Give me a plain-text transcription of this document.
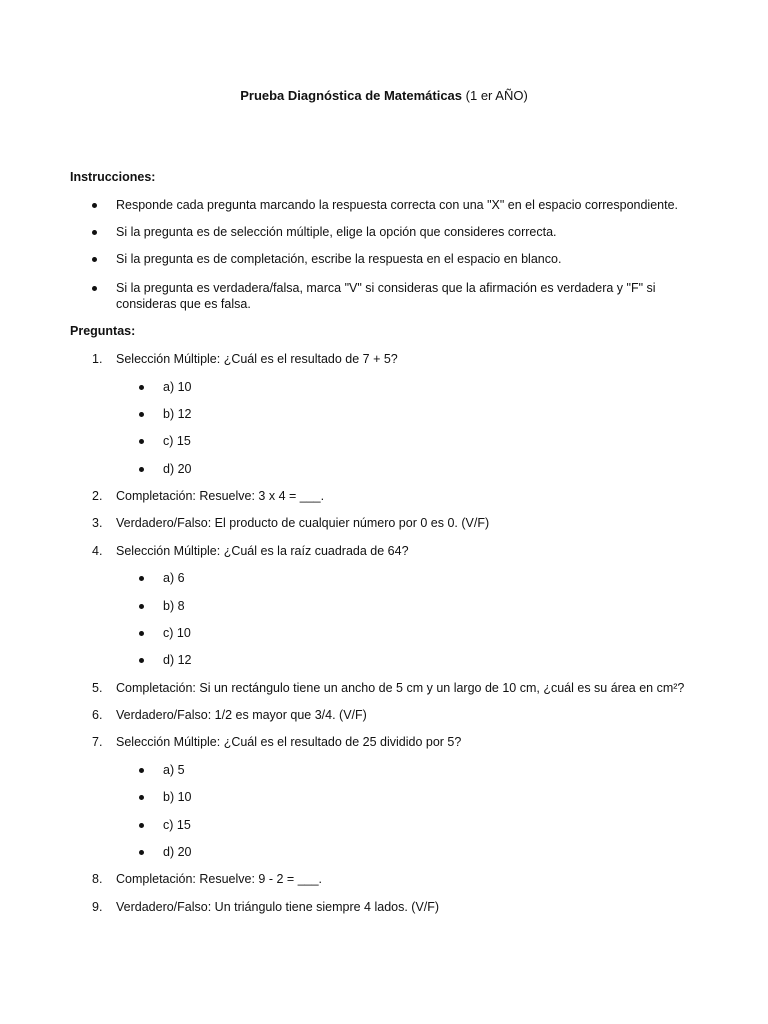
Prueba Diagnóstica de Matemáticas (1 er AÑO)
Instrucciones:
Responde cada pregunta marcando la respuesta correcta con una "X" en el espacio correspondiente.
Si la pregunta es de selección múltiple, elige la opción que consideres correcta.
Si la pregunta es de completación, escribe la respuesta en el espacio en blanco.
Si la pregunta es verdadera/falsa, marca "V" si consideras que la afirmación es verdadera y "F" si consideras que es falsa.
Preguntas:
1.	Selección Múltiple: ¿Cuál es el resultado de 7 + 5?
a) 10
b) 12
c) 15
d) 20
2.	Completación: Resuelve: 3 x 4 = ___.
3.	Verdadero/Falso: El producto de cualquier número por 0 es 0. (V/F)
4.	Selección Múltiple: ¿Cuál es la raíz cuadrada de 64?
a) 6
b) 8
c) 10
d) 12
5.	Completación: Si un rectángulo tiene un ancho de 5 cm y un largo de 10 cm, ¿cuál es su área en cm²?
6.	Verdadero/Falso: 1/2 es mayor que 3/4. (V/F)
7.	Selección Múltiple: ¿Cuál es el resultado de 25 dividido por 5?
a) 5
b) 10
c) 15
d) 20
8.	Completación: Resuelve: 9 - 2 = ___.
9.	Verdadero/Falso: Un triángulo tiene siempre 4 lados. (V/F)
